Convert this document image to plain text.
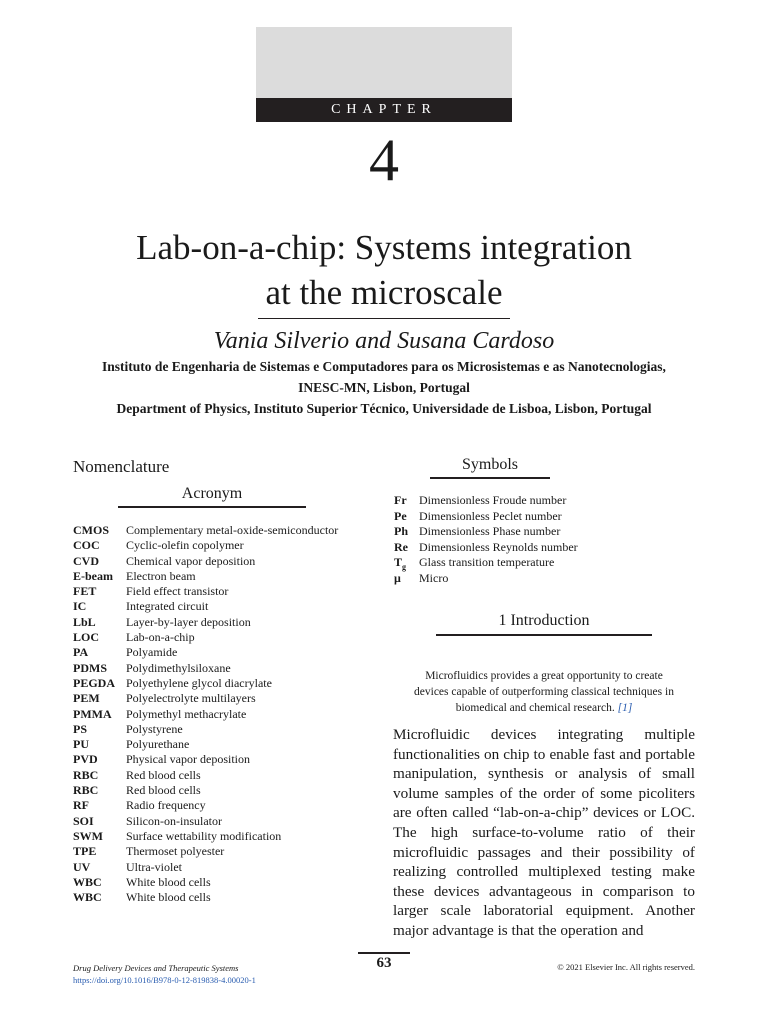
CHAPTER
4
Lab-on-a-chip: Systems integration
at the microscale
Vania Silverio and Susana Cardoso
Instituto de Engenharia de Sistemas e Computadores para os Microsistemas e as Nanotecnologias,
INESC-MN, Lisbon, Portugal
Department of Physics, Instituto Superior Técnico, Universidade de Lisboa, Lisbon, Portugal
Nomenclature
Acronym
CMOS	Complementary metal-oxide-semiconductor
COC	Cyclic-olefin copolymer
CVD	Chemical vapor deposition
E-beam	Electron beam
FET	Field effect transistor
IC	Integrated circuit
LbL	Layer-by-layer deposition
LOC	Lab-on-a-chip
PA	Polyamide
PDMS	Polydimethylsiloxane
PEGDA Polyethylene glycol diacrylate
PEM	Polyelectrolyte multilayers
PMMA	Polymethyl methacrylate
PS	Polystyrene
PU	Polyurethane
PVD	Physical vapor deposition
RBC	Red blood cells
RBC	Red blood cells
RF	Radio frequency
SOI	Silicon-on-insulator
SWM	Surface wettability modification
TPE	Thermoset polyester
UV	Ultra-violet
WBC	White blood cells
WBC	White blood cells
Symbols
Fr	Dimensionless Froude number
Pe	Dimensionless Peclet number
Ph Dimensionless Phase number
Re Dimensionless Reynolds number
$T_g$	Glass transition temperature
μ	Micro
1 Introduction
Microfluidics provides a great opportunity to create devices capable of outperforming classical techniques in biomedical and chemical research. [1]
Microfluidic devices integrating multiple functionalities on chip to enable fast and portable manipulation, synthesis or analysis of small volume samples of the order of some picoliters are often called “lab-on-a-chip” devices or LOC. The high surface-to-volume ratio of their microfluidic passages and their possibility of realizing controlled multiplexed testing make these devices advantageous in comparison to larger scale laboratorial equipment. Another major advantage is that the operation and
63
Drug Delivery Devices and Therapeutic Systems
https://doi.org/10.1016/B978-0-12-819838-4.00020-1
© 2021 Elsevier Inc. All rights reserved.
